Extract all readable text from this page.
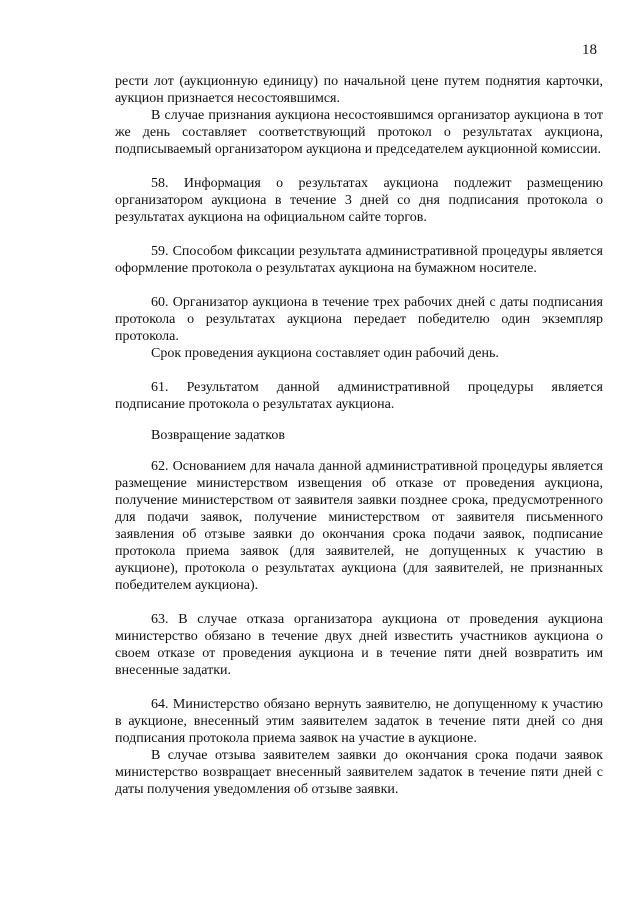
18

рести лот (аукционную единицу) по начальной цене путем поднятия карточки, аукцион признается несостоявшимся.

В случае признания аукциона несостоявшимся организатор аукциона в тот же день составляет соответствующий протокол о результатах аукциона, подписываемый организатором аукциона и председателем аукционной комиссии.

58. Информация о результатах аукциона подлежит размещению организатором аукциона в течение 3 дней со дня подписания протокола о результатах аукциона на официальном сайте торгов.

59. Способом фиксации результата административной процедуры является оформление протокола о результатах аукциона на бумажном носителе.

60. Организатор аукциона в течение трех рабочих дней с даты подписания протокола о результатах аукциона передает победителю один экземпляр протокола.

Срок проведения аукциона составляет один рабочий день.

61. Результатом данной административной процедуры является подписание протокола о результатах аукциона.

Возвращение задатков

62. Основанием для начала данной административной процедуры является размещение министерством извещения об отказе от проведения аукциона, получение министерством от заявителя заявки позднее срока, предусмотренного для подачи заявок, получение министерством от заявителя письменного заявления об отзыве заявки до окончания срока подачи заявок, подписание протокола приема заявок (для заявителей, не допущенных к участию в аукционе), протокола о результатах аукциона (для заявителей, не признанных победителем аукциона).

63. В случае отказа организатора аукциона от проведения аукциона министерство обязано в течение двух дней известить участников аукциона о своем отказе от проведения аукциона и в течение пяти дней возвратить им внесенные задатки.

64. Министерство обязано вернуть заявителю, не допущенному к участию в аукционе, внесенный этим заявителем задаток в течение пяти дней со дня подписания протокола приема заявок на участие в аукционе.

В случае отзыва заявителем заявки до окончания срока подачи заявок министерство возвращает внесенный заявителем задаток в течение пяти дней с даты получения уведомления об отзыве заявки.
